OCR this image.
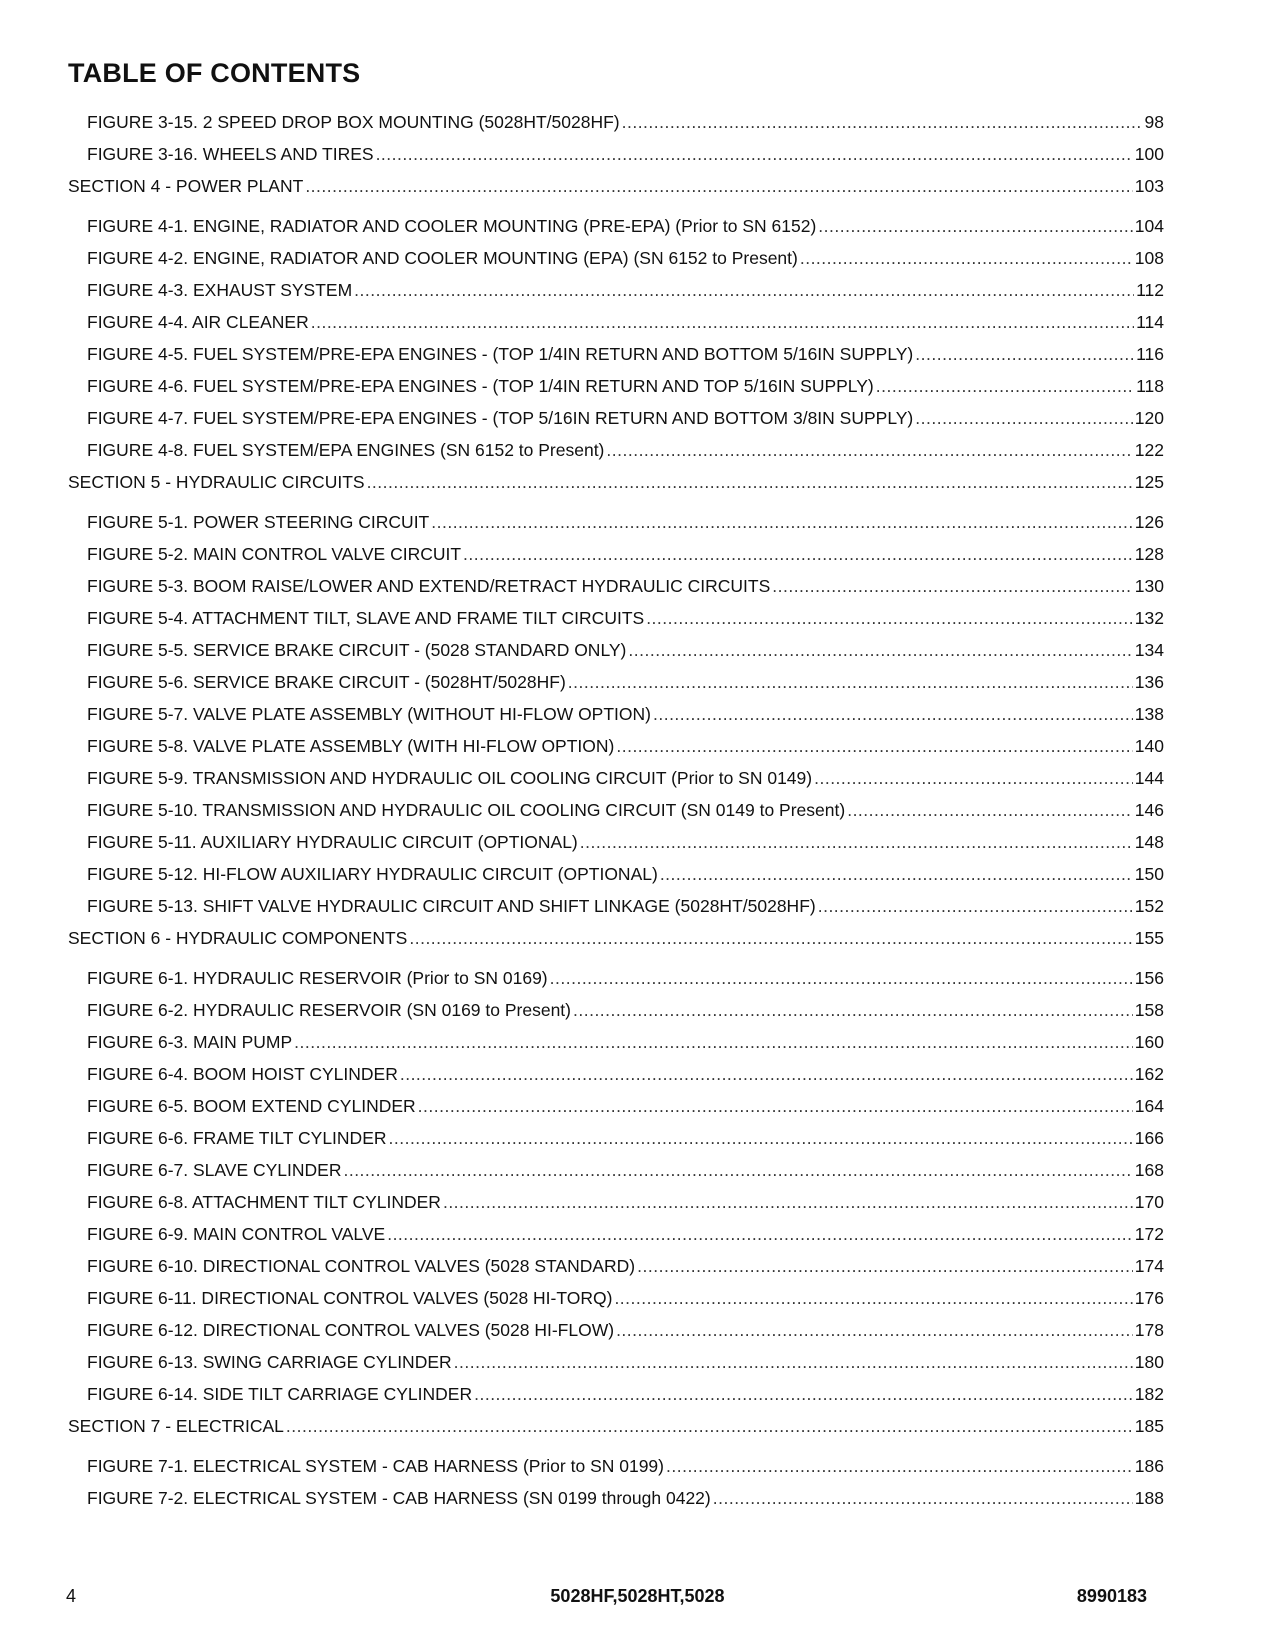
TABLE OF CONTENTS
FIGURE 3-15. 2 SPEED DROP BOX MOUNTING (5028HT/5028HF) .....	98
FIGURE 3-16. WHEELS AND TIRES .....	100
SECTION 4 - POWER PLANT .....	103
FIGURE 4-1. ENGINE, RADIATOR AND COOLER MOUNTING (PRE-EPA) (Prior to SN 6152) .....	104
FIGURE 4-2. ENGINE, RADIATOR AND COOLER MOUNTING (EPA) (SN 6152 to Present) .....	108
FIGURE 4-3. EXHAUST SYSTEM .....	112
FIGURE 4-4. AIR CLEANER .....	114
FIGURE 4-5. FUEL SYSTEM/PRE-EPA ENGINES - (TOP 1/4IN RETURN AND BOTTOM 5/16IN SUPPLY) .....	116
FIGURE 4-6. FUEL SYSTEM/PRE-EPA ENGINES - (TOP 1/4IN RETURN AND TOP 5/16IN SUPPLY) .....	118
FIGURE 4-7. FUEL SYSTEM/PRE-EPA ENGINES - (TOP 5/16IN RETURN AND BOTTOM 3/8IN SUPPLY) .....	120
FIGURE 4-8. FUEL SYSTEM/EPA ENGINES (SN 6152 to Present) .....	122
SECTION 5 - HYDRAULIC CIRCUITS .....	125
FIGURE 5-1. POWER STEERING CIRCUIT .....	126
FIGURE 5-2. MAIN CONTROL VALVE CIRCUIT .....	128
FIGURE 5-3. BOOM RAISE/LOWER AND EXTEND/RETRACT HYDRAULIC CIRCUITS .....	130
FIGURE 5-4. ATTACHMENT TILT, SLAVE AND FRAME TILT CIRCUITS .....	132
FIGURE 5-5. SERVICE BRAKE CIRCUIT - (5028 STANDARD ONLY) .....	134
FIGURE 5-6. SERVICE BRAKE CIRCUIT - (5028HT/5028HF) .....	136
FIGURE 5-7. VALVE PLATE ASSEMBLY (WITHOUT HI-FLOW OPTION) .....	138
FIGURE 5-8. VALVE PLATE ASSEMBLY (WITH HI-FLOW OPTION) .....	140
FIGURE 5-9. TRANSMISSION AND HYDRAULIC OIL COOLING CIRCUIT (Prior to SN 0149) .....	144
FIGURE 5-10. TRANSMISSION AND HYDRAULIC OIL COOLING CIRCUIT (SN 0149 to Present) .....	146
FIGURE 5-11. AUXILIARY HYDRAULIC CIRCUIT (OPTIONAL) .....	148
FIGURE 5-12. HI-FLOW AUXILIARY HYDRAULIC CIRCUIT (OPTIONAL) .....	150
FIGURE 5-13. SHIFT VALVE HYDRAULIC CIRCUIT AND SHIFT LINKAGE (5028HT/5028HF) .....	152
SECTION 6 - HYDRAULIC COMPONENTS .....	155
FIGURE 6-1. HYDRAULIC RESERVOIR (Prior to SN 0169) .....	156
FIGURE 6-2. HYDRAULIC RESERVOIR (SN 0169 to Present) .....	158
FIGURE 6-3. MAIN PUMP .....	160
FIGURE 6-4. BOOM HOIST CYLINDER .....	162
FIGURE 6-5. BOOM EXTEND CYLINDER .....	164
FIGURE 6-6. FRAME TILT CYLINDER .....	166
FIGURE 6-7. SLAVE CYLINDER .....	168
FIGURE 6-8. ATTACHMENT TILT CYLINDER .....	170
FIGURE 6-9. MAIN CONTROL VALVE .....	172
FIGURE 6-10. DIRECTIONAL CONTROL VALVES (5028 STANDARD) .....	174
FIGURE 6-11. DIRECTIONAL CONTROL VALVES (5028 HI-TORQ) .....	176
FIGURE 6-12. DIRECTIONAL CONTROL VALVES (5028 HI-FLOW) .....	178
FIGURE 6-13. SWING CARRIAGE CYLINDER .....	180
FIGURE 6-14. SIDE TILT CARRIAGE CYLINDER .....	182
SECTION 7 - ELECTRICAL .....	185
FIGURE 7-1. ELECTRICAL SYSTEM - CAB HARNESS (Prior to SN 0199) .....	186
FIGURE 7-2. ELECTRICAL SYSTEM - CAB HARNESS (SN 0199 through 0422) .....	188
4	5028HF,5028HT,5028	8990183
